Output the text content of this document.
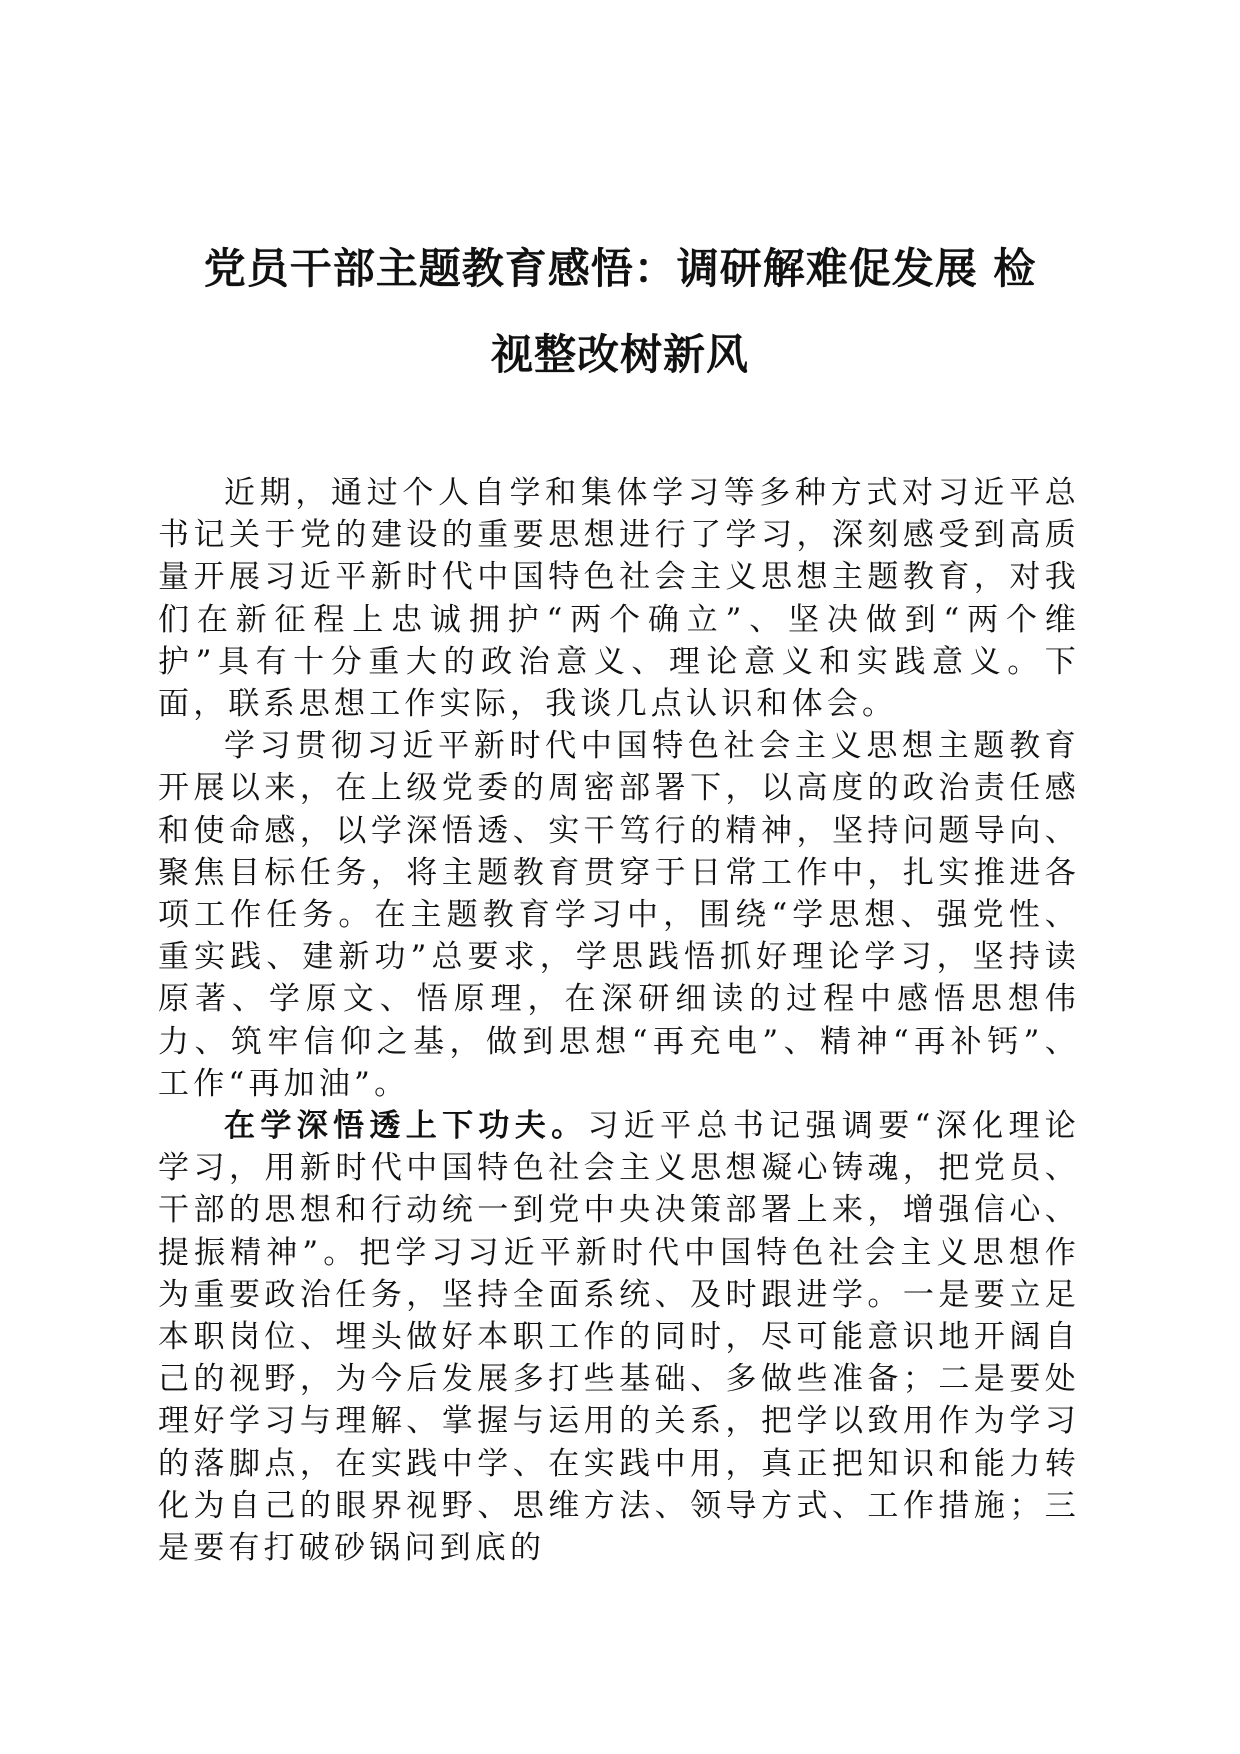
党员干部主题教育感悟：调研解难促发展 检
视整改树新风

近期，通过个人自学和集体学习等多种方式对习近平总书记关于党的建设的重要思想进行了学习，深刻感受到高质量开展习近平新时代中国特色社会主义思想主题教育，对我们在新征程上忠诚拥护“两个确立”、坚决做到“两个维护”具有十分重大的政治意义、理论意义和实践意义。下面，联系思想工作实际，我谈几点认识和体会。

学习贯彻习近平新时代中国特色社会主义思想主题教育开展以来，在上级党委的周密部署下，以高度的政治责任感和使命感，以学深悟透、实干笃行的精神，坚持问题导向、聚焦目标任务，将主题教育贯穿于日常工作中，扎实推进各项工作任务。在主题教育学习中，围绕“学思想、强党性、重实践、建新功”总要求，学思践悟抓好理论学习，坚持读原著、学原文、悟原理，在深研细读的过程中感悟思想伟力、筑牢信仰之基，做到思想“再充电”、精神“再补钙”、工作“再加油”。

在学深悟透上下功夫。习近平总书记强调要“深化理论学习，用新时代中国特色社会主义思想凝心铸魂，把党员、干部的思想和行动统一到党中央决策部署上来，增强信心、提振精神”。把学习习近平新时代中国特色社会主义思想作为重要政治任务，坚持全面系统、及时跟进学。一是要立足本职岗位、埋头做好本职工作的同时，尽可能意识地开阔自己的视野，为今后发展多打些基础、多做些准备；二是要处理好学习与理解、掌握与运用的关系，把学以致用作为学习的落脚点，在实践中学、在实践中用，真正把知识和能力转化为自己的眼界视野、思维方法、领导方式、工作措施；三是要有打破砂锅问到底的
